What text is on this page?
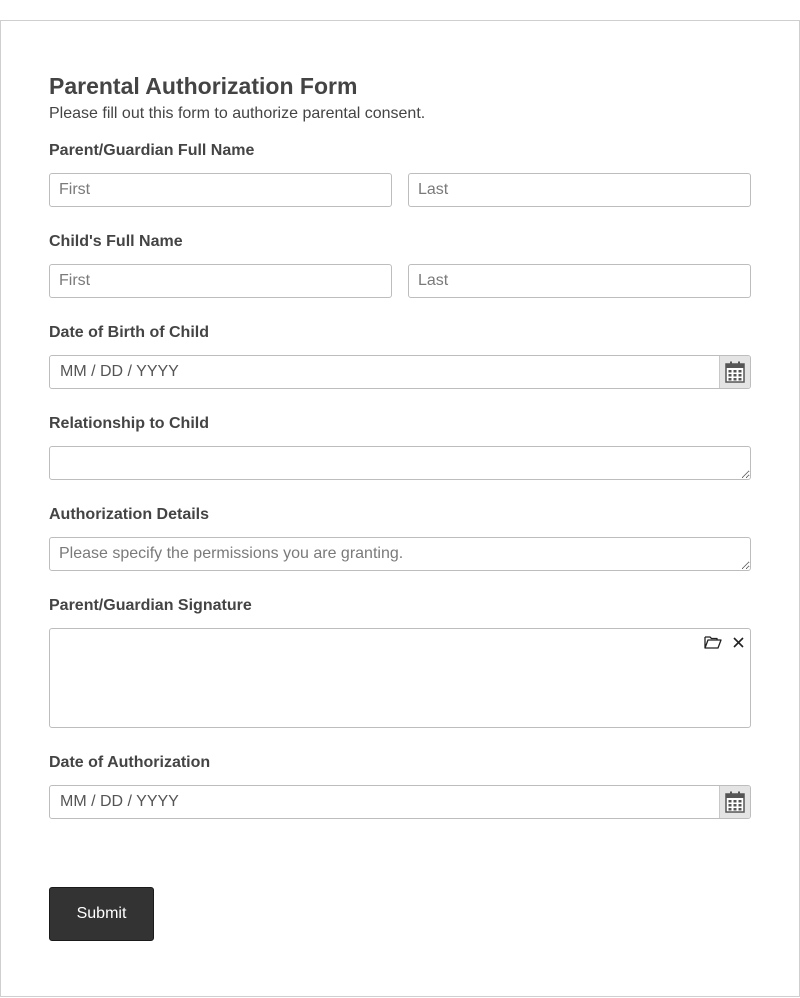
Parental Authorization Form

Please fill out this form to authorize parental consent.

Parent/Guardian Full Name
First
Last
Child's Full Name
First
Last
Date of Birth of Child
MM / DD / YYYY
Relationship to Child
Authorization Details
Please specify the permissions you are granting.
Parent/Guardian Signature
Date of Authorization
MM / DD / YYYY
Submit
